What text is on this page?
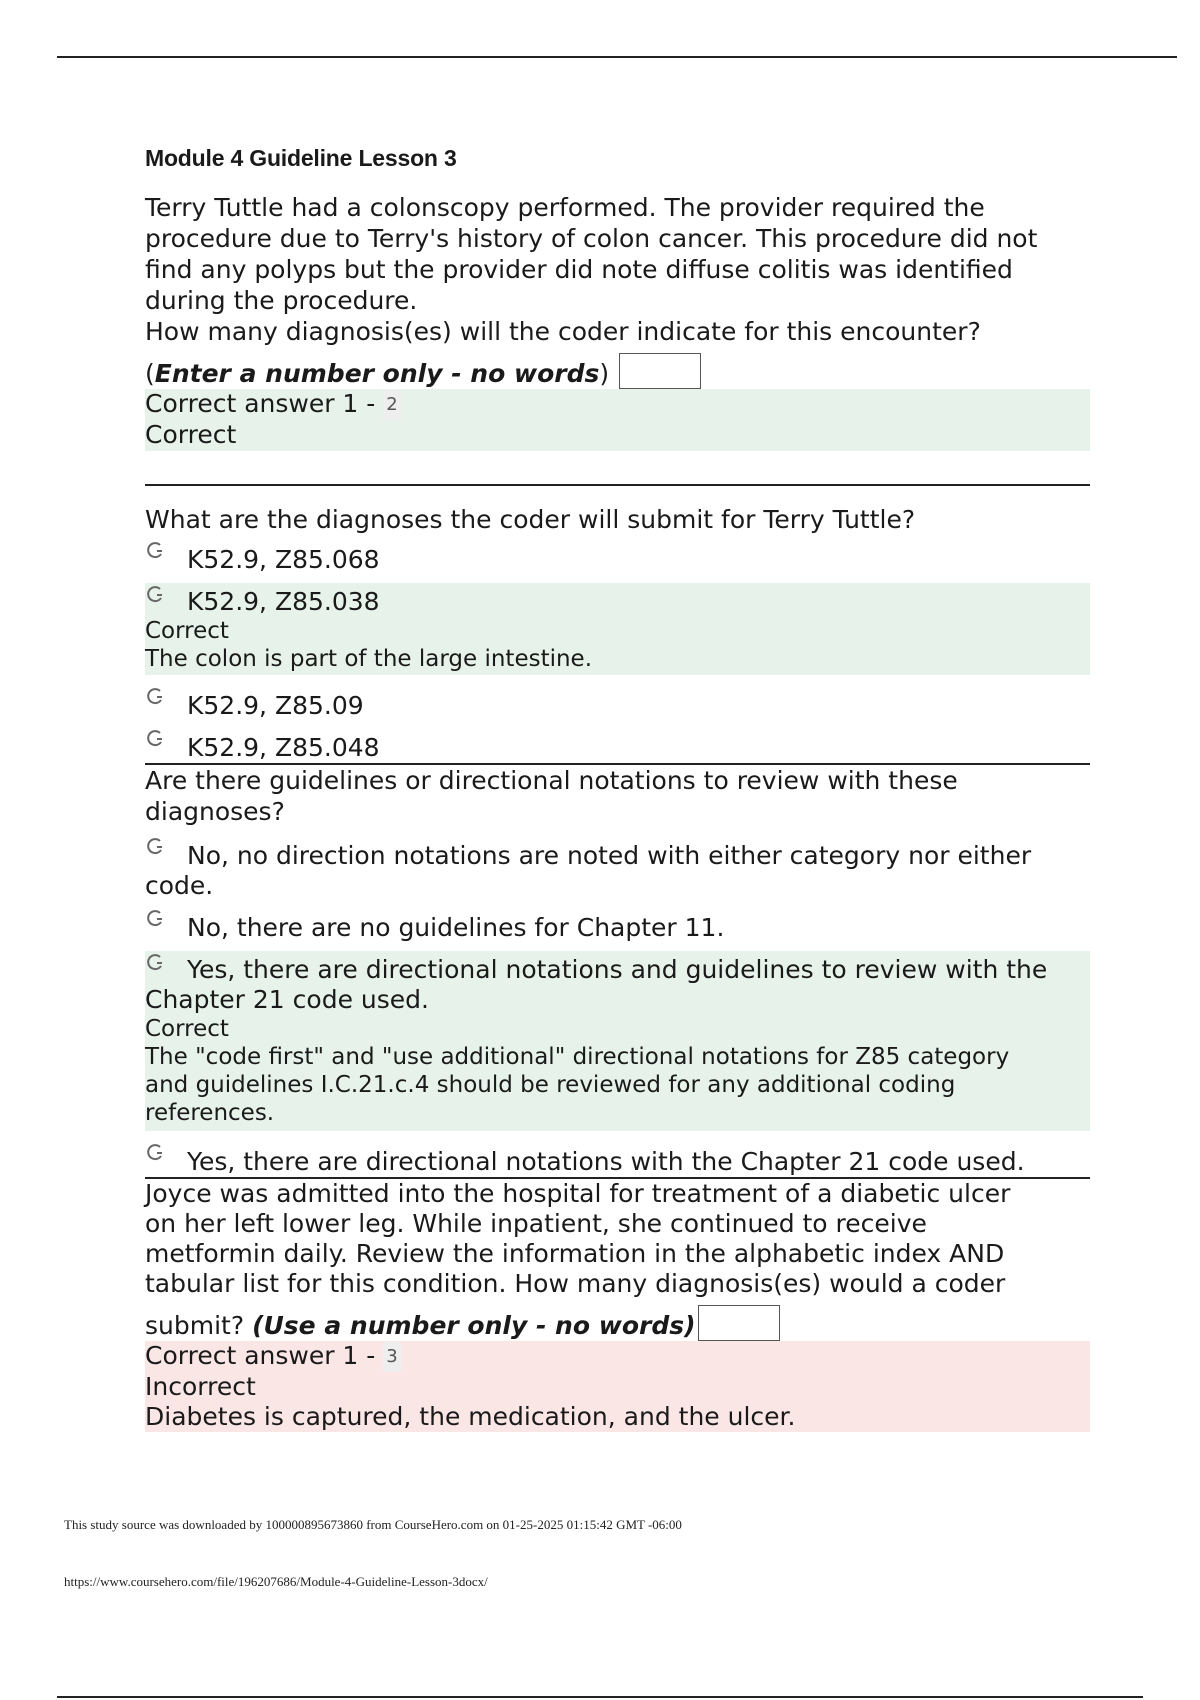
Module 4 Guideline Lesson 3

Terry Tuttle had a colonscopy performed. The provider required the
procedure due to Terry's history of colon cancer. This procedure did not
find any polyps but the provider did note diffuse colitis was identified
during the procedure.
How many diagnosis(es) will the coder indicate for this encounter?

(Enter a number only - no words)
Correct answer 1 - 2
Correct
What are the diagnoses the coder will submit for Terry Tuttle?
K52.9, Z85.068
K52.9, Z85.038
Correct
The colon is part of the large intestine.
K52.9, Z85.09
K52.9, Z85.048

Are there guidelines or directional notations to review with these
diagnoses?

No, no direction notations are noted with either category nor either code.
No, there are no guidelines for Chapter 11.
Yes, there are directional notations and guidelines to review with the Chapter 21 code used.
Correct
The "code first" and "use additional" directional notations for Z85 category
and guidelines I.C.21.c.4 should be reviewed for any additional coding
references.
Yes, there are directional notations with the Chapter 21 code used.

Joyce was admitted into the hospital for treatment of a diabetic ulcer
on her left lower leg. While inpatient, she continued to receive
metformin daily. Review the information in the alphabetic index AND
tabular list for this condition. How many diagnosis(es) would a coder

submit? (Use a number only - no words)
Correct answer 1 - 3
Incorrect
Diabetes is captured, the medication, and the ulcer.
This study source was downloaded by 100000895673860 from CourseHero.com on 01-25-2025 01:15:42 GMT -06:00
https://www.coursehero.com/file/196207686/Module-4-Guideline-Lesson-3docx/
